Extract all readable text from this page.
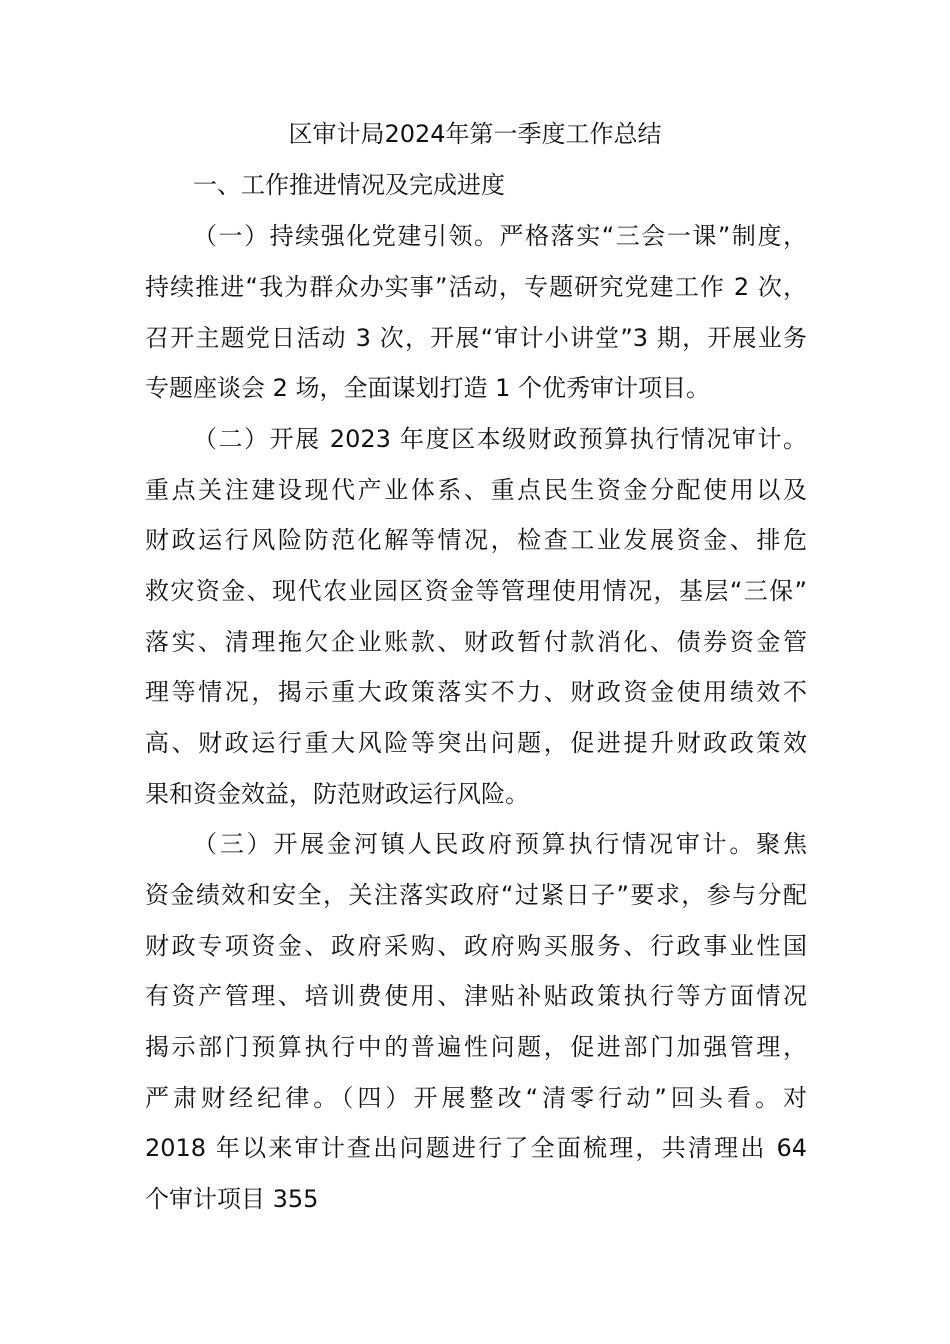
区审计局2024年第一季度工作总结
一、工作推进情况及完成进度

（一）持续强化党建引领。严格落实“三会一课”制度，

持续推进“我为群众办实事”活动，专题研究党建工作 2 次，

召开主题党日活动 3 次，开展“审计小讲堂”3 期，开展业务

专题座谈会 2 场，全面谋划打造 1 个优秀审计项目。

（二）开展 2023 年度区本级财政预算执行情况审计。

重点关注建设现代产业体系、重点民生资金分配使用以及

财政运行风险防范化解等情况，检查工业发展资金、排危

救灾资金、现代农业园区资金等管理使用情况，基层“三保”

落实、清理拖欠企业账款、财政暂付款消化、债券资金管

理等情况，揭示重大政策落实不力、财政资金使用绩效不

高、财政运行重大风险等突出问题，促进提升财政政策效

果和资金效益，防范财政运行风险。

（三）开展金河镇人民政府预算执行情况审计。聚焦

资金绩效和安全，关注落实政府“过紧日子”要求，参与分配

财政专项资金、政府采购、政府购买服务、行政事业性国

有资产管理、培训费使用、津贴补贴政策执行等方面情况

揭示部门预算执行中的普遍性问题，促进部门加强管理，

严肃财经纪律。（四）开展整改“清零行动”回头看。对

2018 年以来审计查出问题进行了全面梳理，共清理出 64

个审计项目 355
